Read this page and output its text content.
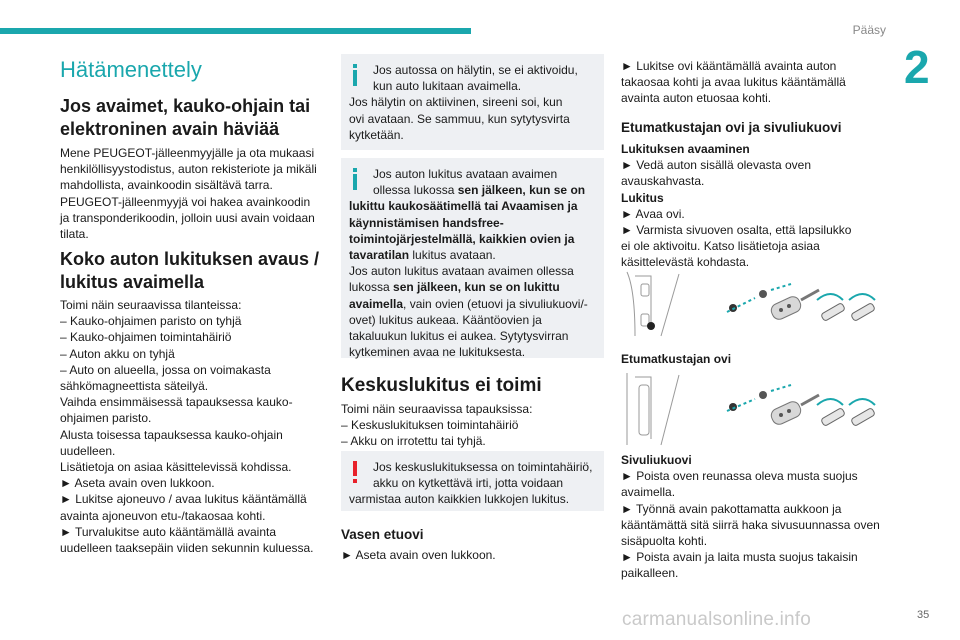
Pääsy
2
Hätämenettely
Jos avaimet, kauko-ohjain tai elektroninen avain häviää
Mene PEUGEOT-jälleenmyyjälle ja ota mukaasi
henkilöllisyystodistus, auton rekisteriote ja mikäli
mahdollista, avainkoodin sisältävä tarra.
PEUGEOT-jälleenmyyjä voi hakea avainkoodin
ja transponderikoodin, jolloin uusi avain voidaan
tilata.
Koko auton lukituksen avaus / lukitus avaimella
Toimi näin seuraavissa tilanteissa:
– Kauko-ohjaimen paristo on tyhjä
– Kauko-ohjaimen toimintahäiriö
– Auton akku on tyhjä
– Auto on alueella, jossa on voimakasta
sähkömagneettista säteilyä.
Vaihda ensimmäisessä tapauksessa kauko-
ohjaimen paristo.
Alusta toisessa tapauksessa kauko-ohjain
uudelleen.
Lisätietoja on asiaa käsittelevissä kohdissa.
► Aseta avain oven lukkoon.
► Lukitse ajoneuvo / avaa lukitus kääntämällä
avainta ajoneuvon etu-/takaosaa kohti.
► Turvalukitse auto kääntämällä avainta
uudelleen taaksepäin viiden sekunnin kuluessa.
Jos autossa on hälytin, se ei aktivoidu,
kun auto lukitaan avaimella.
Jos hälytin on aktiivinen, sireeni soi, kun
ovi avataan. Se sammuu, kun sytytysvirta
kytketään.
Jos auton lukitus avataan avaimen
ollessa lukossa sen jälkeen, kun se on
lukittu kaukosäätimellä tai Avaamisen ja
käynnistämisen handsfree-
toimintojärjestelmällä, kaikkien ovien ja
tavaratilan lukitus avataan.
Jos auton lukitus avataan avaimen ollessa
lukossa sen jälkeen, kun se on lukittu
avaimella, vain ovien (etuovi ja sivuliukuovi/-
ovet) lukitus aukeaa. Kääntöovien ja
takaluukun lukitus ei aukea. Sytytysvirran
kytkeminen avaa ne lukituksesta.
Keskuslukitus ei toimi
Toimi näin seuraavissa tapauksissa:
– Keskuslukituksen toimintahäiriö
– Akku on irrotettu tai tyhjä.
Jos keskuslukituksessa on toimintahäiriö,
akku on kytkettävä irti, jotta voidaan
varmistaa auton kaikkien lukkojen lukitus.
Vasen etuovi
► Aseta avain oven lukkoon.
► Lukitse ovi kääntämällä avainta auton
takaosaa kohti ja avaa lukitus kääntämällä
avainta auton etuosaa kohti.
Etumatkustajan ovi ja sivuliukuovi
Lukituksen avaaminen
► Vedä auton sisällä olevasta oven
avauskahvasta.
Lukitus
► Avaa ovi.
► Varmista sivuoven osalta, että lapsilukko
ei ole aktivoitu. Katso lisätietoja asiaa
käsittelevästä kohdasta.
Etumatkustajan ovi
Sivuliukuovi
► Poista oven reunassa oleva musta suojus
avaimella.
► Työnnä avain pakottamatta aukkoon ja
kääntämättä sitä siirrä haka sivusuunnassa oven
sisäpuolta kohti.
► Poista avain ja laita musta suojus takaisin
paikalleen.
carmanualsonline.info	35
